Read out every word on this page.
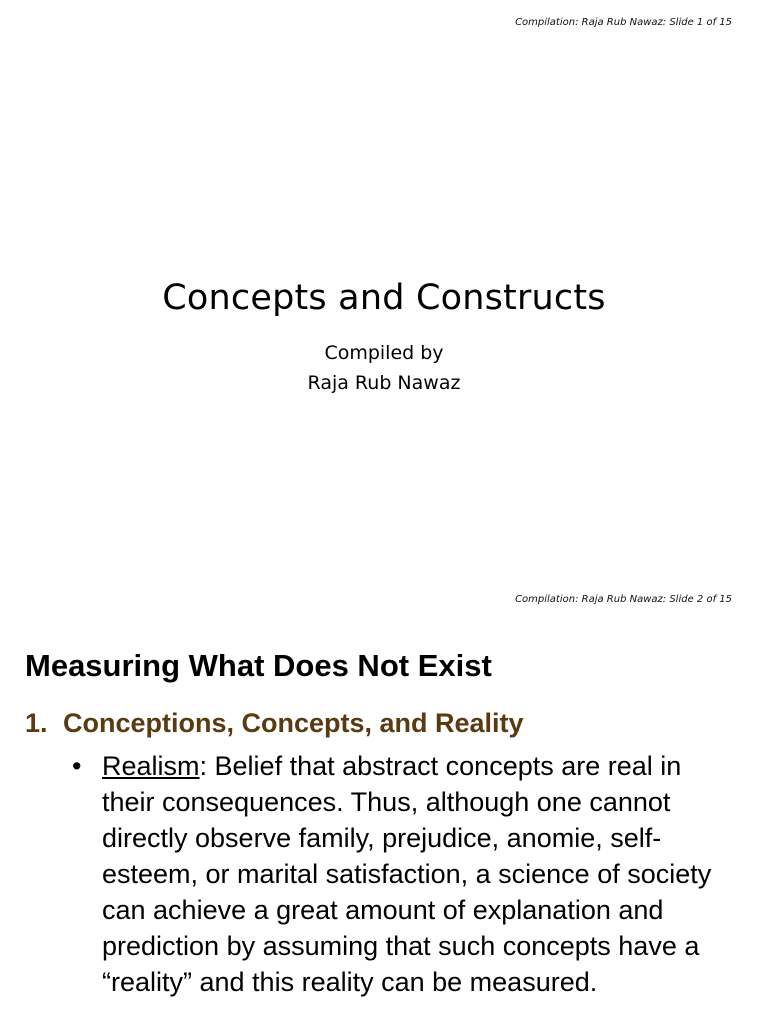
Compilation: Raja Rub Nawaz: Slide 1 of 15
Concepts and Constructs
Compiled by
Raja Rub Nawaz
Compilation: Raja Rub Nawaz: Slide 2 of 15
Measuring What Does Not Exist
1. Conceptions, Concepts, and Reality
• Realism: Belief that abstract concepts are real in their consequences. Thus, although one cannot directly observe family, prejudice, anomie, self-esteem, or marital satisfaction, a science of society can achieve a great amount of explanation and prediction by assuming that such concepts have a “reality” and this reality can be measured.
